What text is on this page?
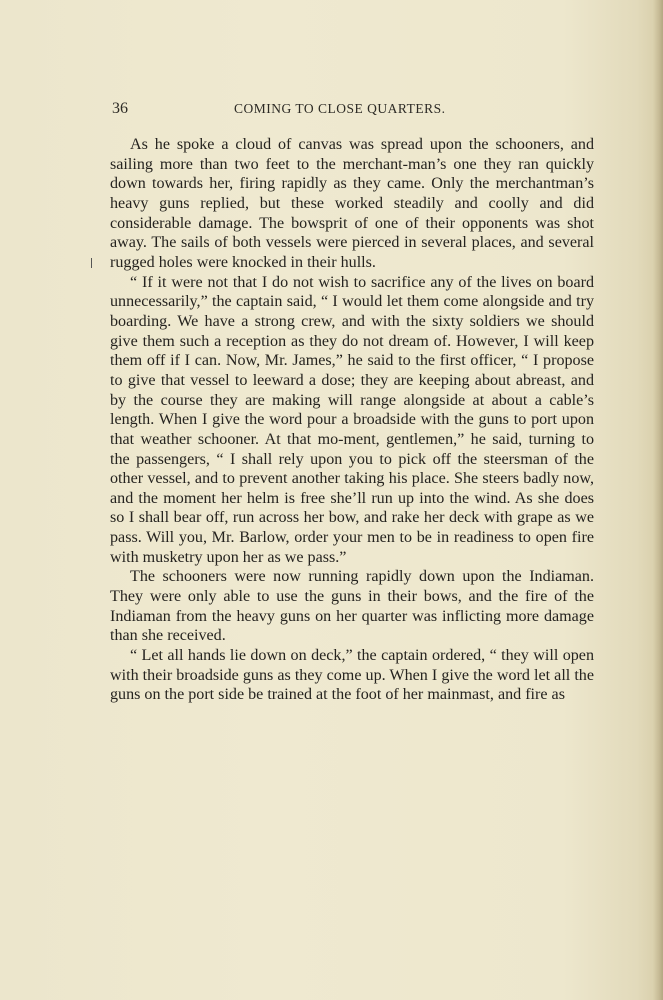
36	COMING TO CLOSE QUARTERS.

As he spoke a cloud of canvas was spread upon the schooners, and sailing more than two feet to the merchant-man’s one they ran quickly down towards her, firing rapidly as they came. Only the merchantman’s heavy guns replied, but these worked steadily and coolly and did considerable damage. The bowsprit of one of their opponents was shot away. The sails of both vessels were pierced in several places, and several rugged holes were knocked in their hulls.

“ If it were not that I do not wish to sacrifice any of the lives on board unnecessarily,” the captain said, “ I would let them come alongside and try boarding. We have a strong crew, and with the sixty soldiers we should give them such a reception as they do not dream of. However, I will keep them off if I can. Now, Mr. James,” he said to the first officer, “ I propose to give that vessel to leeward a dose; they are keeping about abreast, and by the course they are making will range alongside at about a cable’s length. When I give the word pour a broadside with the guns to port upon that weather schooner. At that mo-ment, gentlemen,” he said, turning to the passengers, “ I shall rely upon you to pick off the steersman of the other vessel, and to prevent another taking his place. She steers badly now, and the moment her helm is free she’ll run up into the wind. As she does so I shall bear off, run across her bow, and rake her deck with grape as we pass. Will you, Mr. Barlow, order your men to be in readiness to open fire with musketry upon her as we pass.”

The schooners were now running rapidly down upon the Indiaman. They were only able to use the guns in their bows, and the fire of the Indiaman from the heavy guns on her quarter was inflicting more damage than she received.

“ Let all hands lie down on deck,” the captain ordered, “ they will open with their broadside guns as they come up. When I give the word let all the guns on the port side be trained at the foot of her mainmast, and fire as
